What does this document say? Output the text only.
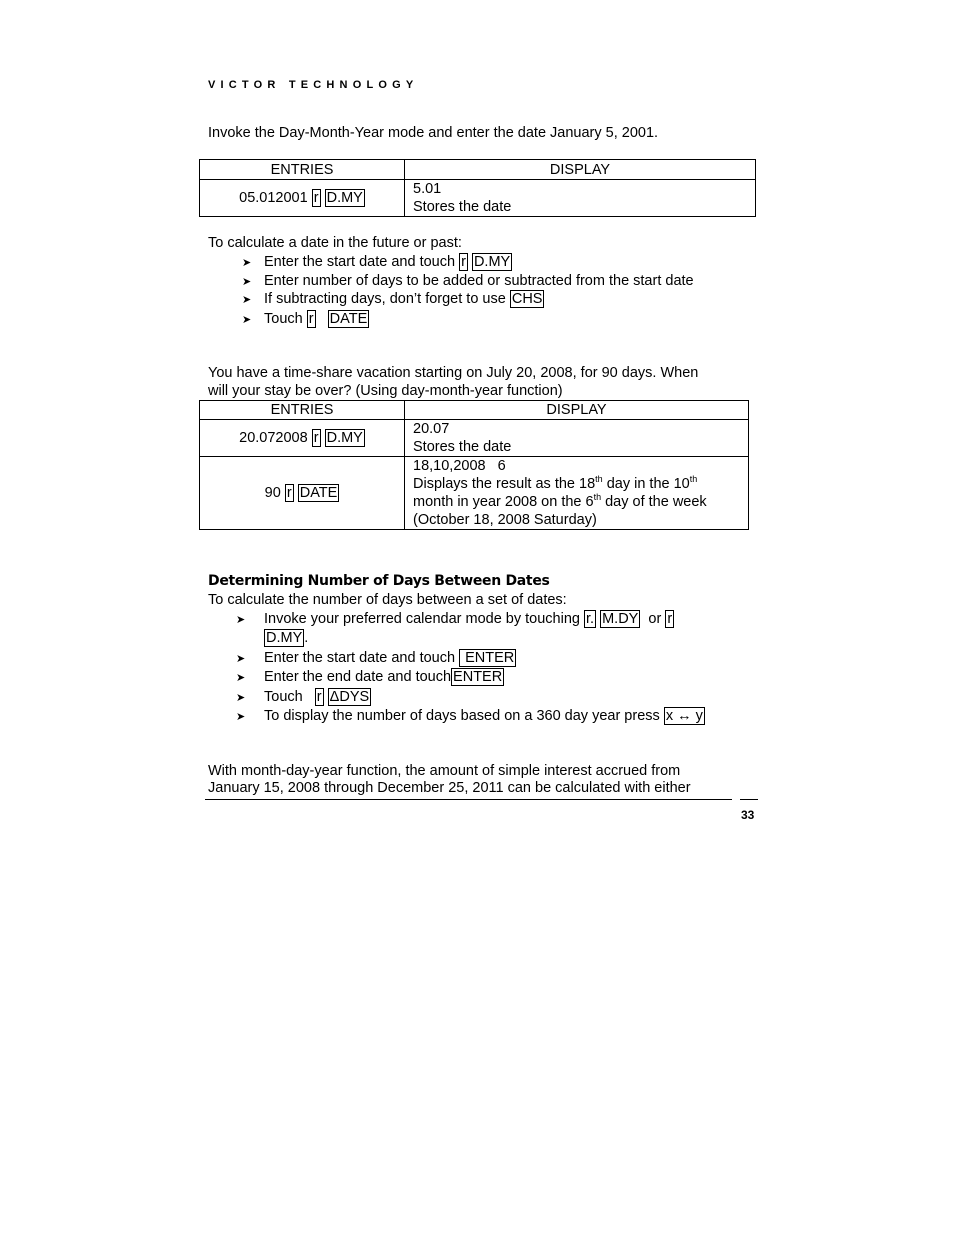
VICTOR TECHNOLOGY
Invoke the Day-Month-Year mode and enter the date January 5, 2001.
ENTRIES	DISPLAY
05.012001 r D.MY	5.01
Stores the date
To calculate a date in the future or past:
➤ Enter the start date and touch r D.MY
➤ Enter number of days to be added or subtracted from the start date
➤ If subtracting days, don’t forget to use CHS
➤ Touch r DATE
You have a time-share vacation starting on July 20, 2008, for 90 days. When
will your stay be over? (Using day-month-year function)
ENTRIES	DISPLAY
20.072008 r D.MY	20.07
Stores the date

90 r DATE	18,10,2008   6
Displays the result as the 18th day in the 10th
month in year 2008 on the 6th day of the week
(October 18, 2008 Saturday)
Determining Number of Days Between Dates
To calculate the number of days between a set of dates:
➤ Invoke your preferred calendar mode by touching r. M.DY or r
D.MY .
➤ Enter the start date and touch  ENTER
➤ Enter the end date and touch ENTER
➤ Touch r ΔDYS
➤ To display the number of days based on a 360 day year press x ↔ y
With month-day-year function, the amount of simple interest accrued from
January 15, 2008 through December 25, 2011 can be calculated with either
33
